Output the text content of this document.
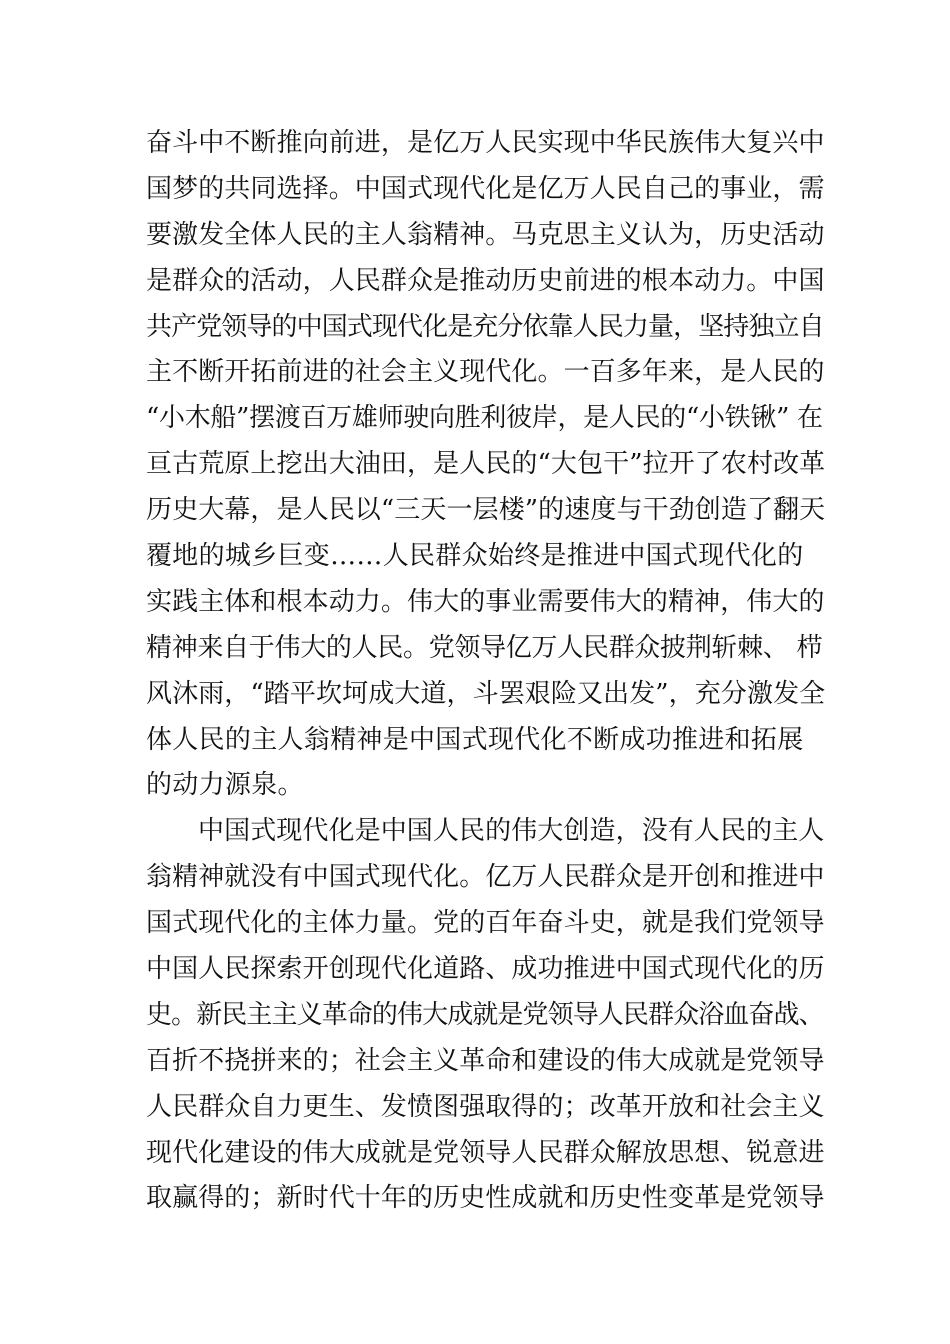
奋斗中不断推向前进，是亿万人民实现中华民族伟大复兴中
国梦的共同选择。中国式现代化是亿万人民自己的事业，需
要激发全体人民的主人翁精神。马克思主义认为，历史活动
是群众的活动，人民群众是推动历史前进的根本动力。中国
共产党领导的中国式现代化是充分依靠人民力量，坚持独立自
主不断开拓前进的社会主义现代化。一百多年来，是人民的
“小木船”摆渡百万雄师驶向胜利彼岸，是人民的“小铁锹” 在
亘古荒原上挖出大油田，是人民的“大包干”拉开了农村改革
历史大幕，是人民以“三天一层楼”的速度与干劲创造了翻天
覆地的城乡巨变……人民群众始终是推进中国式现代化的
实践主体和根本动力。伟大的事业需要伟大的精神，伟大的
精神来自于伟大的人民。党领导亿万人民群众披荆斩棘、 栉
风沐雨，“踏平坎坷成大道，斗罢艰险又出发”，充分激发全
体人民的主人翁精神是中国式现代化不断成功推进和拓展
的动力源泉。
中国式现代化是中国人民的伟大创造，没有人民的主人
翁精神就没有中国式现代化。亿万人民群众是开创和推进中
国式现代化的主体力量。党的百年奋斗史，就是我们党领导
中国人民探索开创现代化道路、成功推进中国式现代化的历
史。新民主主义革命的伟大成就是党领导人民群众浴血奋战、
百折不挠拼来的；社会主义革命和建设的伟大成就是党领导
人民群众自力更生、发愤图强取得的；改革开放和社会主义
现代化建设的伟大成就是党领导人民群众解放思想、锐意进
取赢得的；新时代十年的历史性成就和历史性变革是党领导
